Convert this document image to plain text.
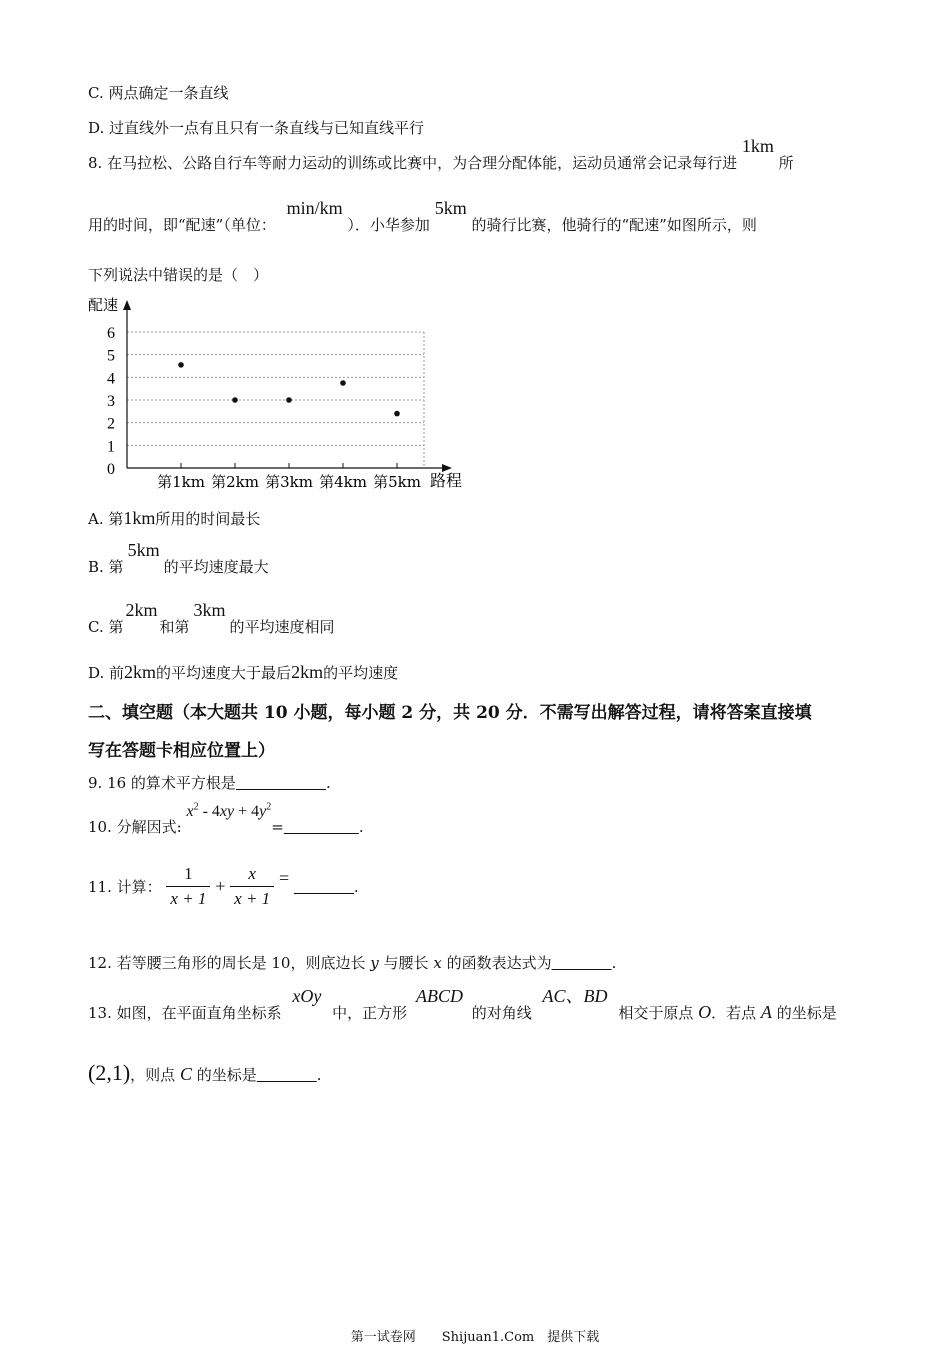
C. 两点确定一条直线
D. 过直线外一点有且只有一条直线与已知直线平行
8. 在马拉松、公路自行车等耐力运动的训练或比赛中，为合理分配体能，运动员通常会记录每行进 1km 所
用的时间，即“配速”（单位： min/km ）．小华参加 5km 的骑行比赛，他骑行的“配速”如图所示，则
下列说法中错误的是（　）
配速
路程
0
1
2
3
4
5
6
第1km 第2km 第3km 第4km 第5km
A. 第1km所用的时间最长
B. 第5km的平均速度最大
C. 第2km和第3km的平均速度相同
D. 前2km的平均速度大于最后2km的平均速度
二、填空题（本大题共 10 小题，每小题 2 分，共 20 分．不需写出解答过程，请将答案直接填
写在答题卡相应位置上）
9. 16 的算术平方根是　　　　　　	.
10. 分解因式: $x^2 - 4xy + 4y^2=$　　　　　	.
11. 计算： $\frac{1}{x + 1} + \frac{x}{x + 1}$ = 　　　　	.
12. 若等腰三角形的周长是 10，则底边长 y 与腰长 x 的函数表达式为　　　　	.
13. 如图，在平面直角坐标系 xOy 中，正方形 ABCD 的对角线 AC、BD 相交于原点 O．若点 A 的坐标是
(2,1)，则点 C 的坐标是　　　　	.
第一试卷网　　Shijuan1.Com　提供下载
